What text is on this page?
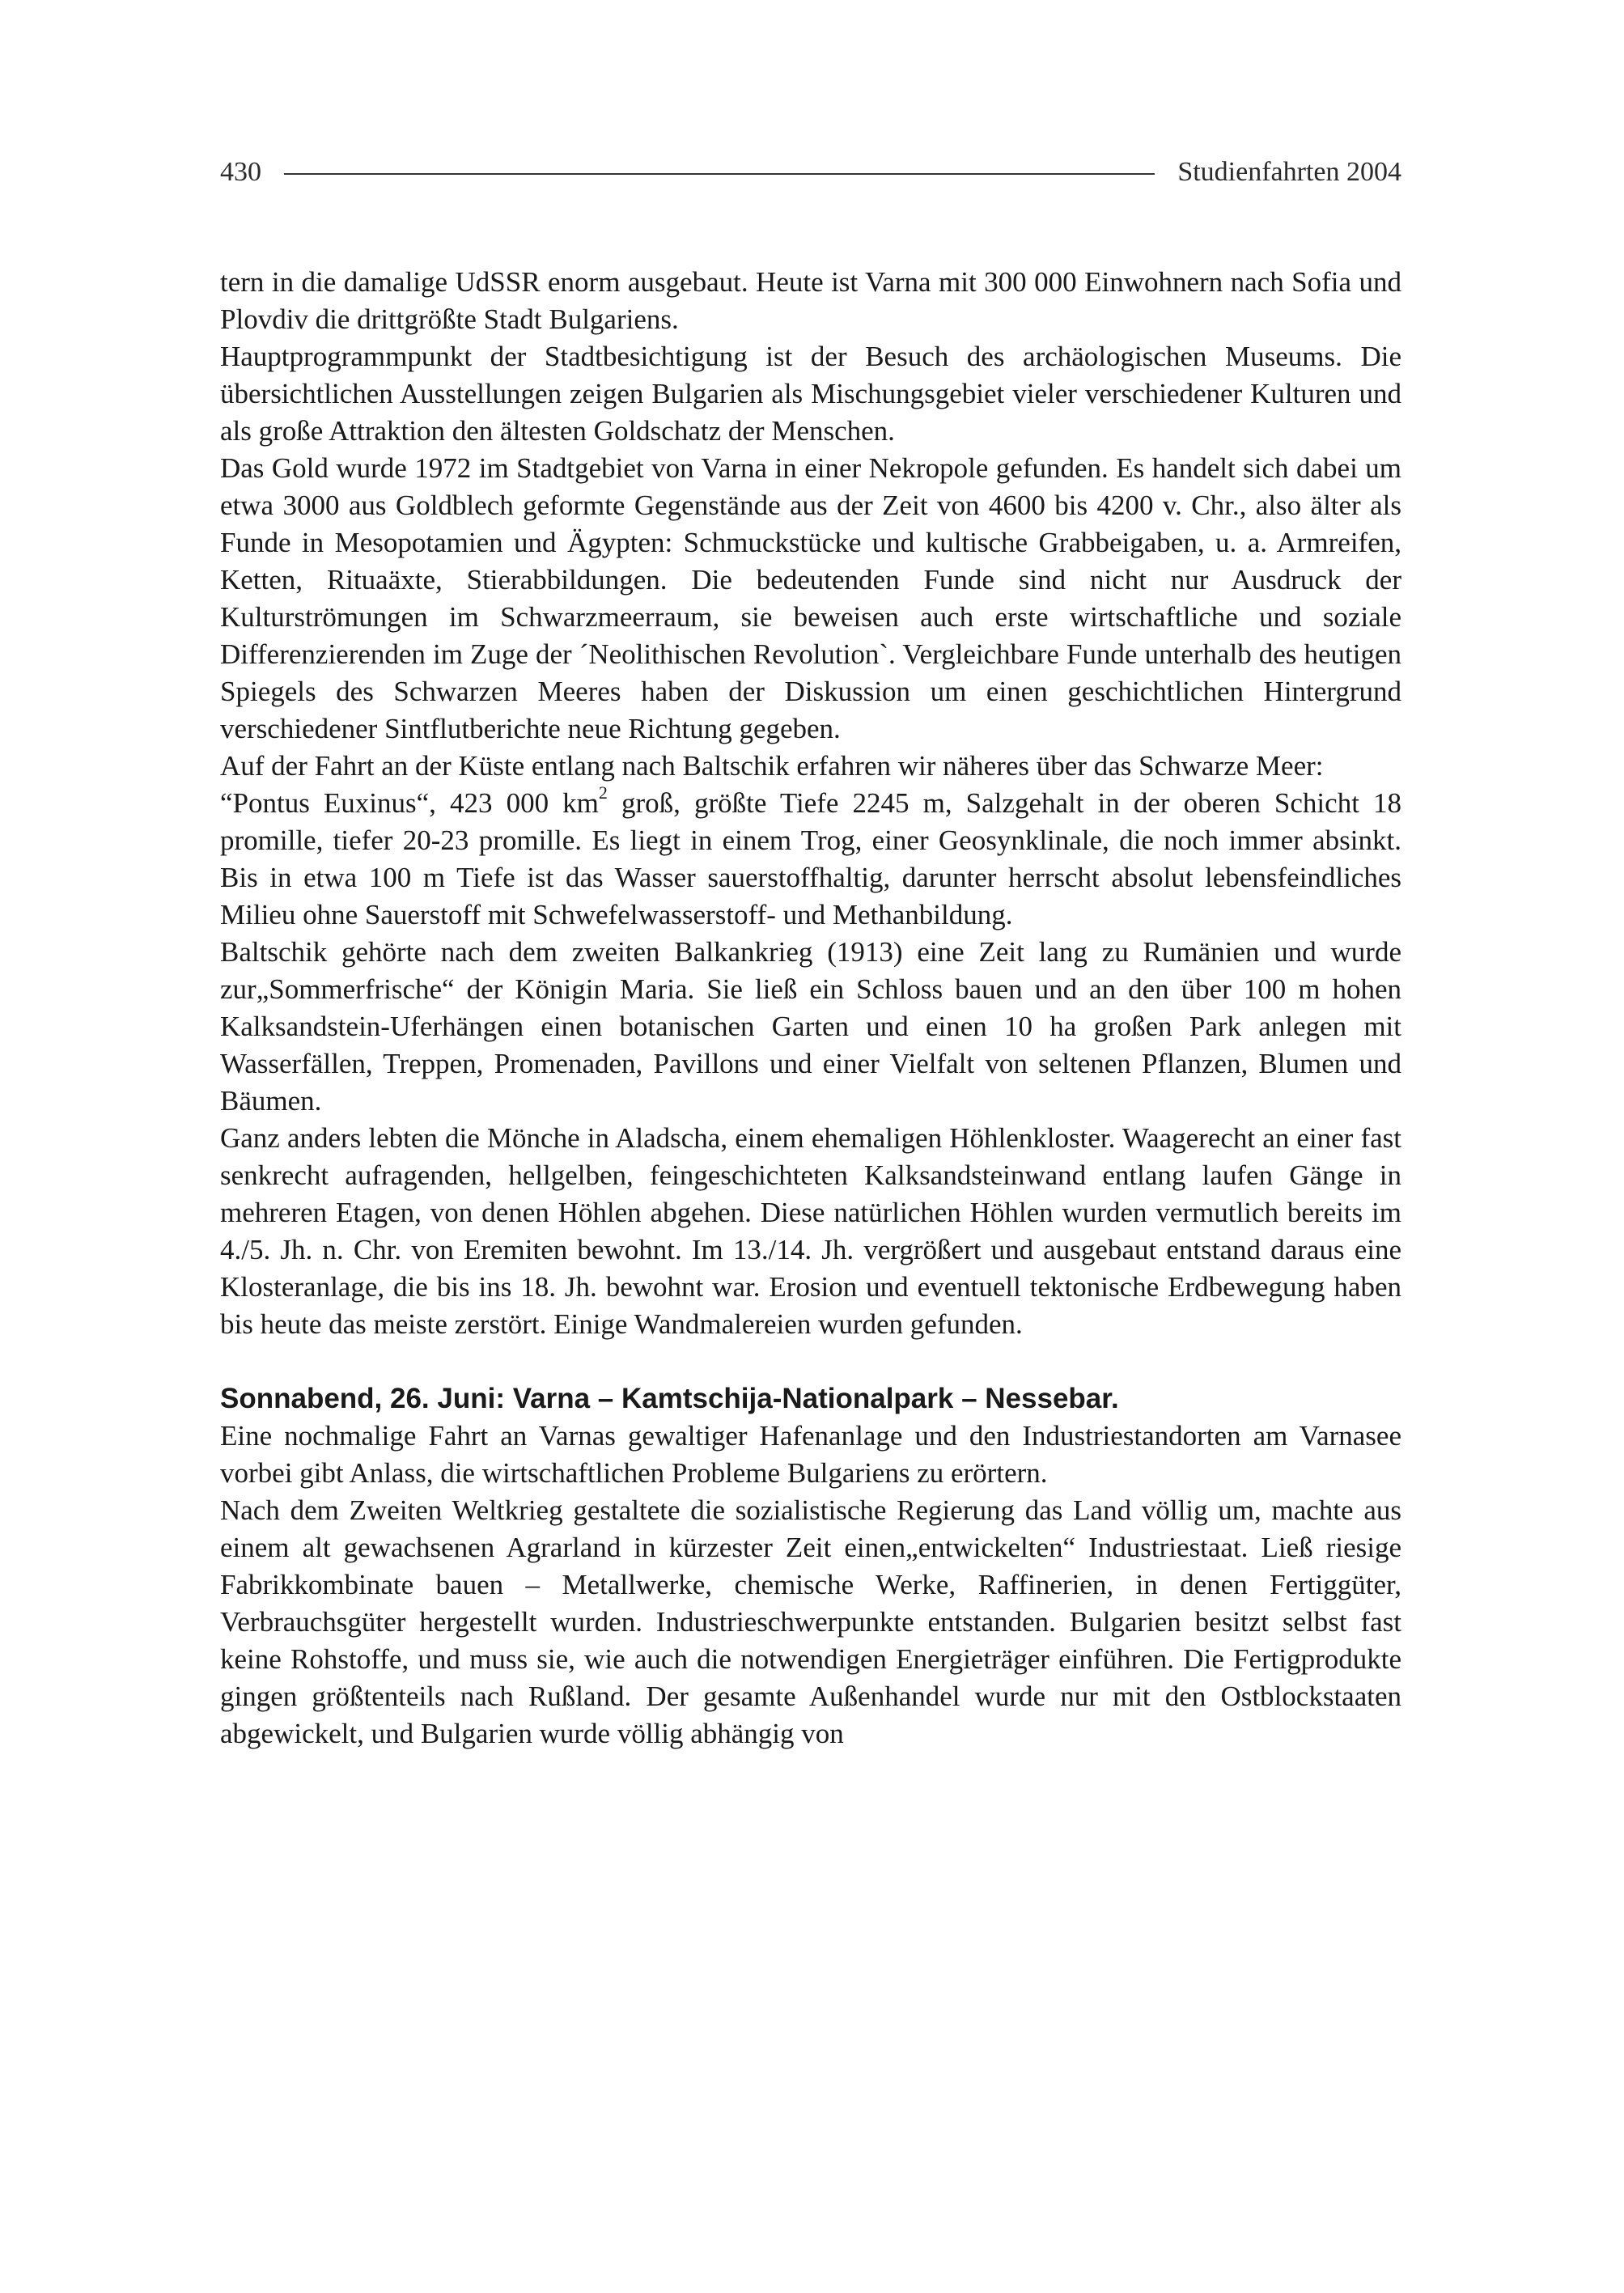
430	Studienfahrten 2004

tern in die damalige UdSSR enorm ausgebaut. Heute ist Varna mit 300 000 Einwohnern nach Sofia und Plovdiv die drittgrößte Stadt Bulgariens.

Hauptprogrammpunkt der Stadtbesichtigung ist der Besuch des archäologischen Museums. Die übersichtlichen Ausstellungen zeigen Bulgarien als Mischungsgebiet vieler verschiedener Kulturen und als große Attraktion den ältesten Goldschatz der Menschen.

Das Gold wurde 1972 im Stadtgebiet von Varna in einer Nekropole gefunden. Es handelt sich dabei um etwa 3000 aus Goldblech geformte Gegenstände aus der Zeit von 4600 bis 4200 v. Chr., also älter als Funde in Mesopotamien und Ägypten: Schmuckstücke und kultische Grabbeigaben, u. a. Armreifen, Ketten, Rituaäxte, Stierabbildungen. Die bedeutenden Funde sind nicht nur Ausdruck der Kulturströmungen im Schwarzmeerraum, sie beweisen auch erste wirtschaftliche und soziale Differenzierenden im Zuge der ´Neolithischen Revolution`. Vergleichbare Funde unterhalb des heutigen Spiegels des Schwarzen Meeres haben der Diskussion um einen geschichtlichen Hintergrund verschiedener Sintflutberichte neue Richtung gegeben.

Auf der Fahrt an der Küste entlang nach Baltschik erfahren wir näheres über das Schwarze Meer:

“Pontus Euxinus“, 423 000 $km^2$ groß, größte Tiefe 2245 m, Salzgehalt in der oberen Schicht 18 promille, tiefer 20-23 promille. Es liegt in einem Trog, einer Geosynklinale, die noch immer absinkt. Bis in etwa 100 m Tiefe ist das Wasser sauerstoffhaltig, darunter herrscht absolut lebensfeindliches Milieu ohne Sauerstoff mit Schwefelwasserstoff- und Methanbildung.

Baltschik gehörte nach dem zweiten Balkankrieg (1913) eine Zeit lang zu Rumänien und wurde zur„Sommerfrische“ der Königin Maria. Sie ließ ein Schloss bauen und an den über 100 m hohen Kalksandstein-Uferhängen einen botanischen Garten und einen 10 ha großen Park anlegen mit Wasserfällen, Treppen, Promenaden, Pavillons und einer Vielfalt von seltenen Pflanzen, Blumen und Bäumen.

Ganz anders lebten die Mönche in Aladscha, einem ehemaligen Höhlenkloster. Waagerecht an einer fast senkrecht aufragenden, hellgelben, feingeschichteten Kalksandsteinwand entlang laufen Gänge in mehreren Etagen, von denen Höhlen abgehen. Diese natürlichen Höhlen wurden vermutlich bereits im 4./5. Jh. n. Chr. von Eremiten bewohnt. Im 13./14. Jh. vergrößert und ausgebaut entstand daraus eine Klosteranlage, die bis ins 18. Jh. bewohnt war. Erosion und eventuell tektonische Erdbewegung haben bis heute das meiste zerstört. Einige Wandmalereien wurden gefunden.

Sonnabend, 26. Juni: Varna – Kamtschija-Nationalpark – Nessebar.

Eine nochmalige Fahrt an Varnas gewaltiger Hafenanlage und den Industriestandorten am Varnasee vorbei gibt Anlass, die wirtschaftlichen Probleme Bulgariens zu erörtern.

Nach dem Zweiten Weltkrieg gestaltete die sozialistische Regierung das Land völlig um, machte aus einem alt gewachsenen Agrarland in kürzester Zeit einen„entwickelten“ Industriestaat. Ließ riesige Fabrikkombinate bauen – Metallwerke, chemische Werke, Raffinerien, in denen Fertiggüter, Verbrauchsgüter hergestellt wurden. Industrieschwerpunkte entstanden. Bulgarien besitzt selbst fast keine Rohstoffe, und muss sie, wie auch die notwendigen Energieträger einführen. Die Fertigprodukte gingen größtenteils nach Rußland. Der gesamte Außenhandel wurde nur mit den Ostblockstaaten abgewickelt, und Bulgarien wurde völlig abhängig von
